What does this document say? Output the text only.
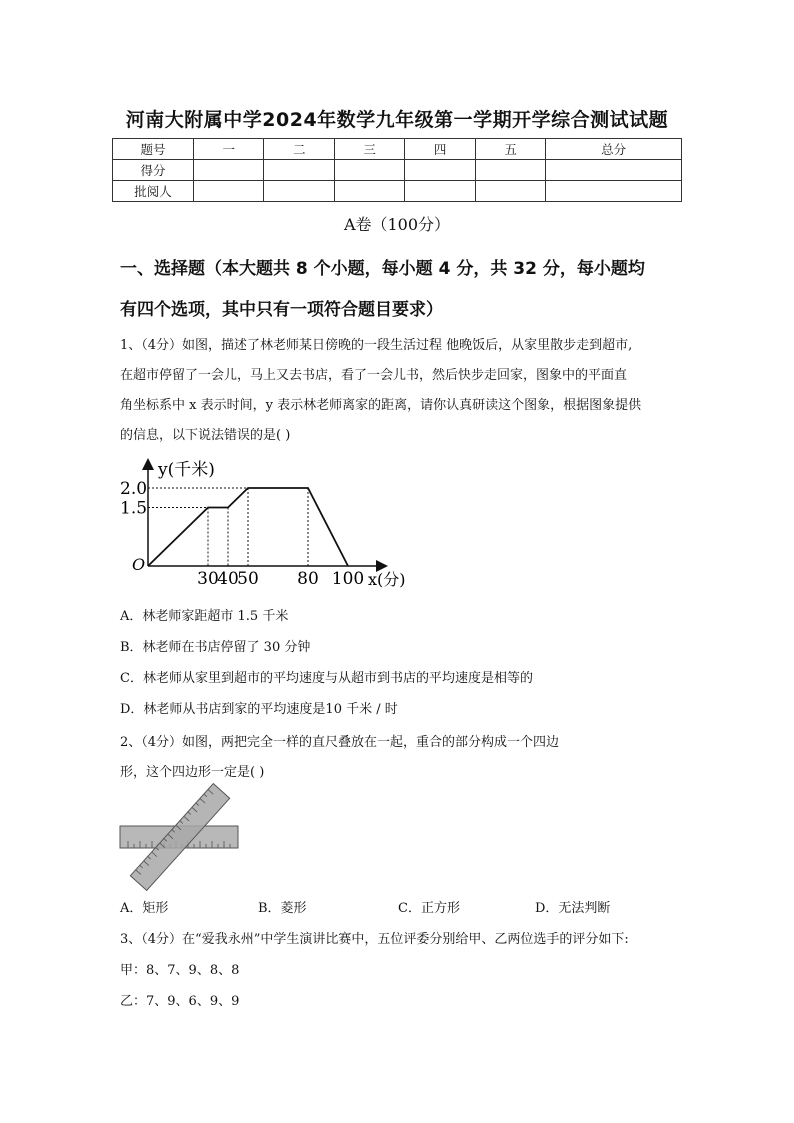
河南大附属中学2024年数学九年级第一学期开学综合测试试题
题号	一	二	三	四	五	总分
得分						
批阅人						
A卷（100分）
一、选择题（本大题共 8 个小题，每小题 4 分，共 32 分，每小题均
有四个选项，其中只有一项符合题目要求）
1、（4分）如图，描述了林老师某日傍晚的一段生活过程 他晚饭后，从家里散步走到超市,
在超市停留了一会儿，马上又去书店，看了一会儿书，然后快步走回家，图象中的平面直
角坐标系中 x 表示时间，y 表示林老师离家的距离，请你认真研读这个图象，根据图象提供
的信息，以下说法错误的是( )
2.0
1.5
30
40
50 80 100
O
y(千米)
x(分)
A．林老师家距超市 1.5 千米
B．林老师在书店停留了 30 分钟
C．林老师从家里到超市的平均速度与从超市到书店的平均速度是相等的
D．林老师从书店到家的平均速度是10 千米 / 时
2、（4分）如图，两把完全一样的直尺叠放在一起，重合的部分构成一个四边
形，这个四边形一定是( )
A．矩形	B．菱形	C．正方形	D．无法判断
3、（4分）在“爱我永州”中学生演讲比赛中，五位评委分别给甲、乙两位选手的评分如下:
甲：8、7、9、8、8
乙：7、9、6、9、9
